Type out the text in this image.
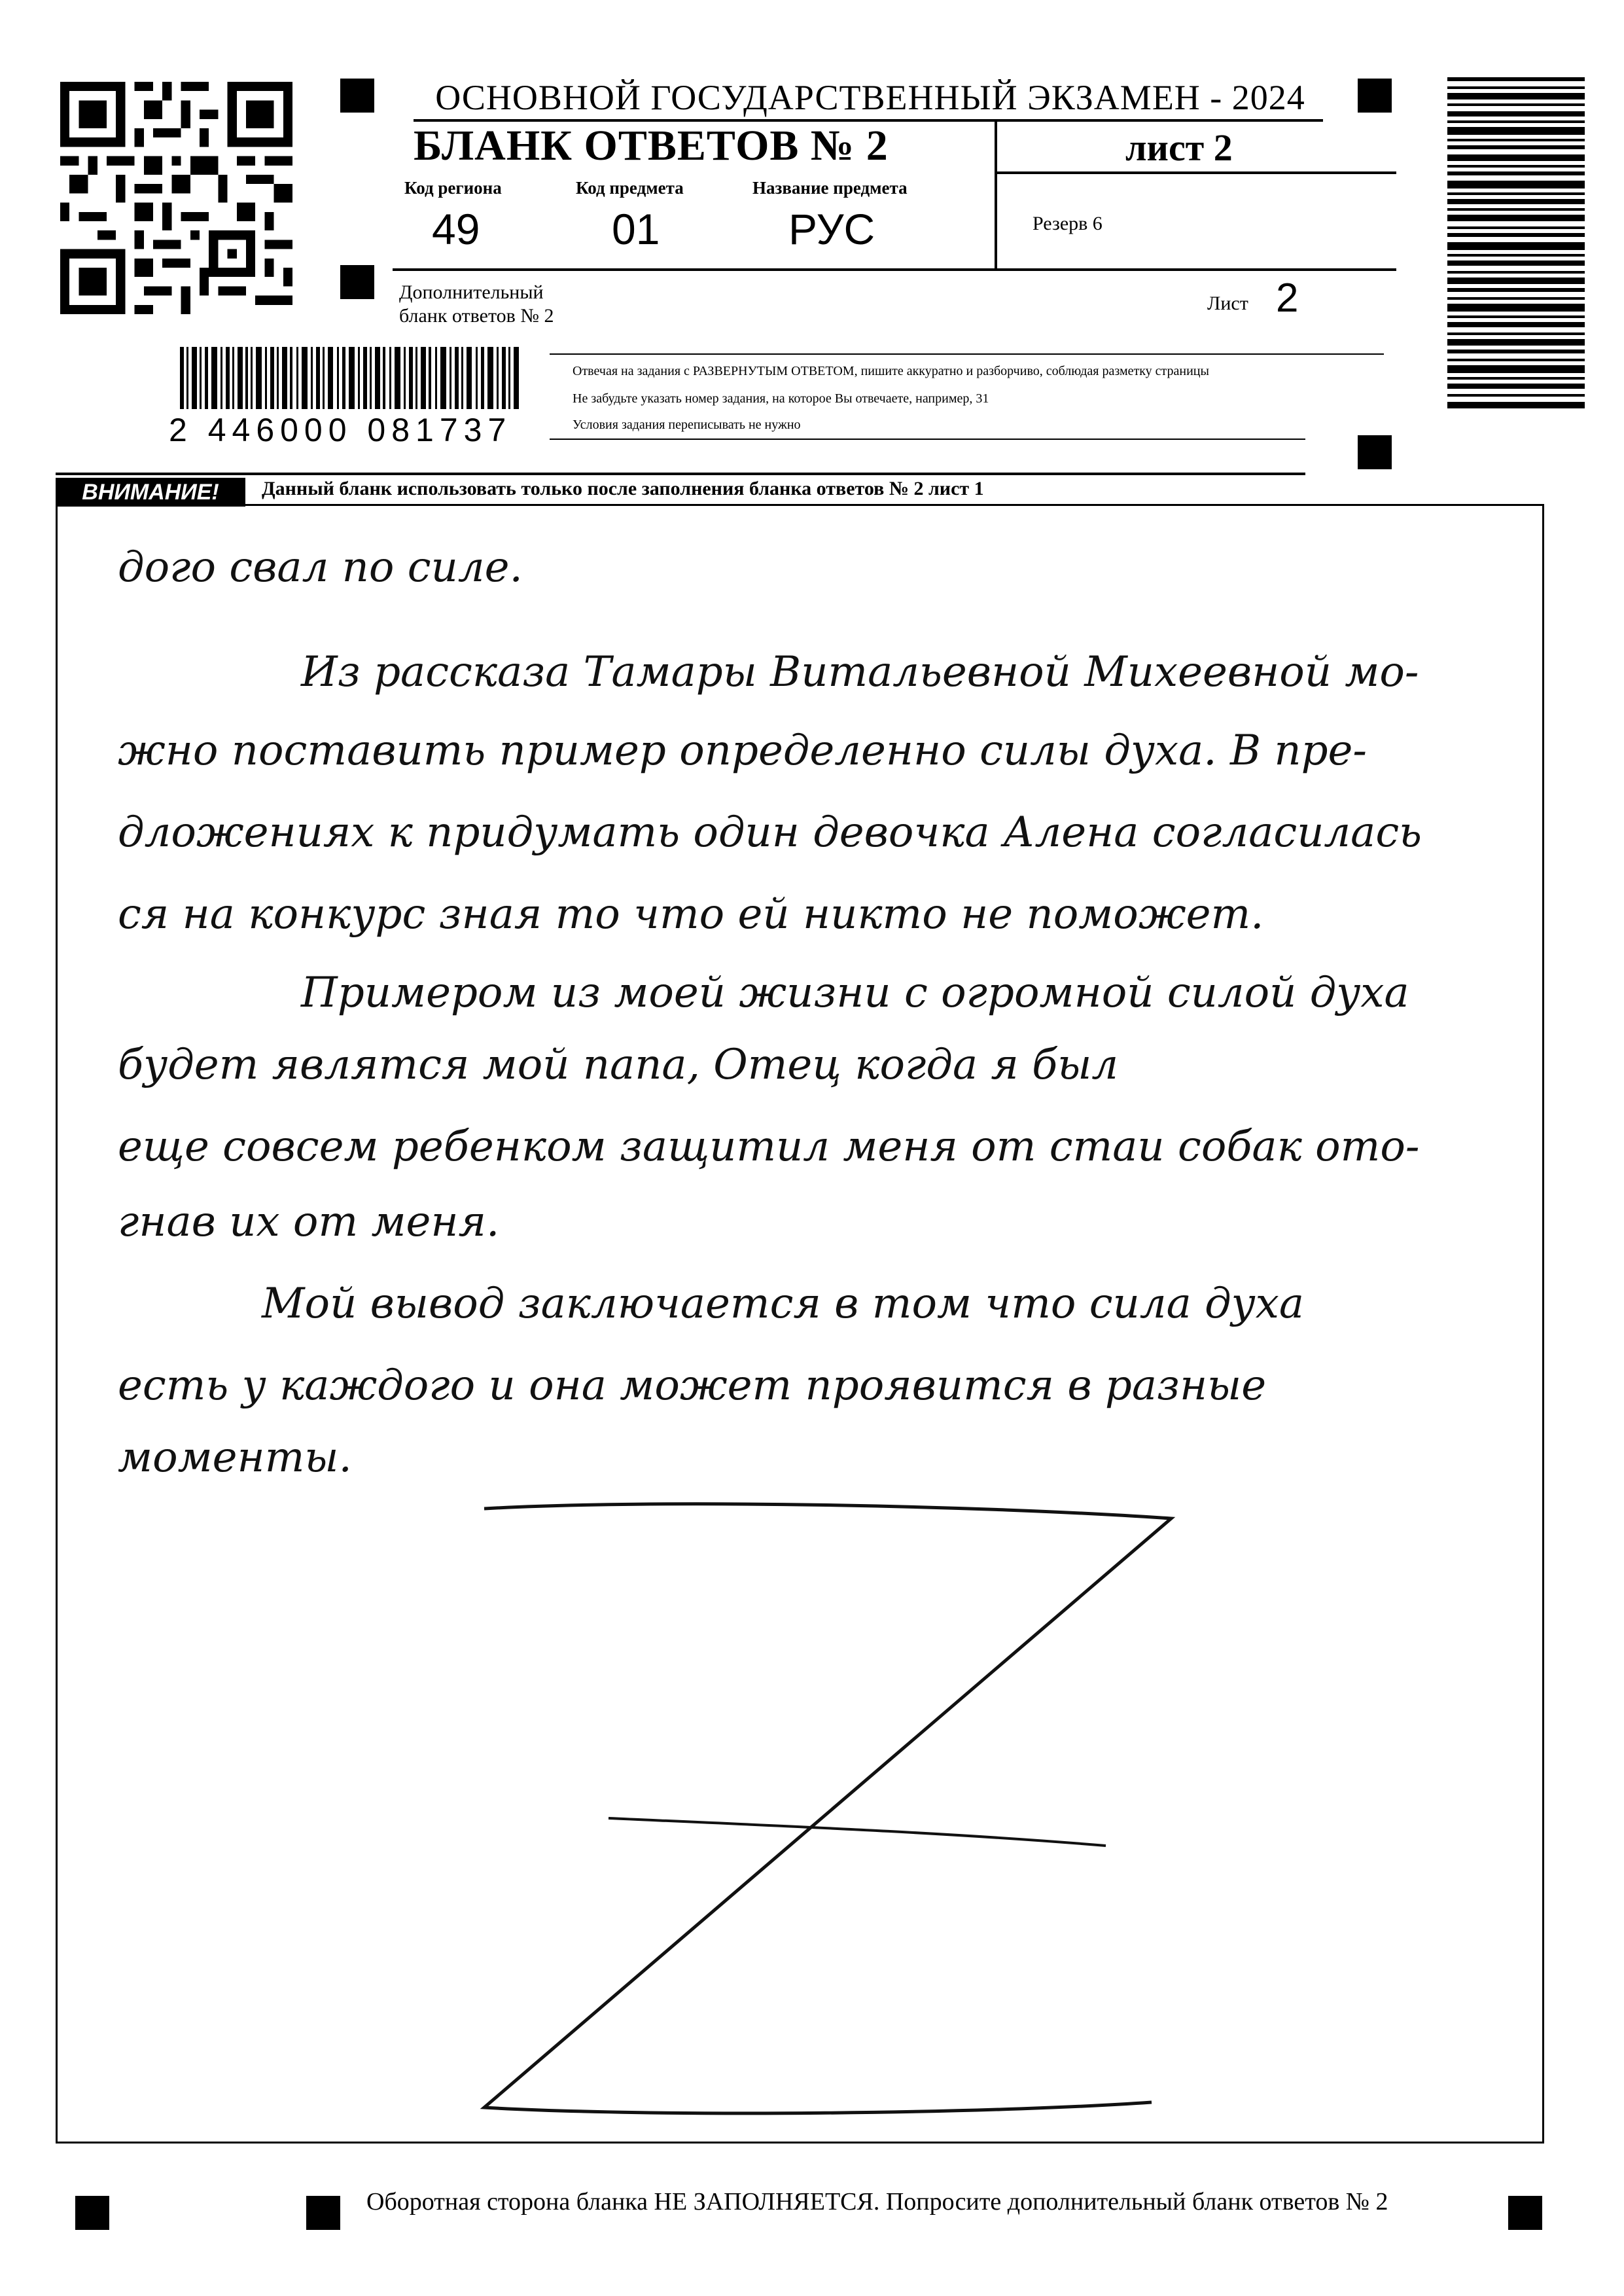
ОСНОВНОЙ ГОСУДАРСТВЕННЫЙ ЭКЗАМЕН - 2024
БЛАНК ОТВЕТОВ № 2	лист 2
Код региона
49
Код предмета
01
Название предмета
РУС	Резерв 6
Дополнительный
бланк ответов № 2
Лист 2
2 446000 081737
Отвечая на задания с РАЗВЕРНУТЫМ ОТВЕТОМ, пишите аккуратно и разборчиво, соблюдая разметку страницы
Не забудьте указать номер задания, на которое Вы отвечаете, например, 31
Условия задания переписывать не нужно
ВНИМАНИЕ!	Данный бланк использовать только после заполнения бланка ответов № 2 лист 1
дого свал по силе.
Из рассказа Тамары Витальевной Михеевной мо-
жно поставить пример определенно силы духа. В пре-
дложениях к придумать один девочка Алена согласилась
ся на конкурс зная то что ей никто не поможет.
Примером из моей жизни с огромной силой духа
будет являтся мой папа, Отец когда я был
еще совсем ребенком защитил меня от стаи собак ото-
гнав их от меня.
Мой вывод заключается в том что сила духа
есть у каждого и она может проявится в разные
моменты.
Оборотная сторона бланка НЕ ЗАПОЛНЯЕТСЯ. Попросите дополнительный бланк ответов № 2
